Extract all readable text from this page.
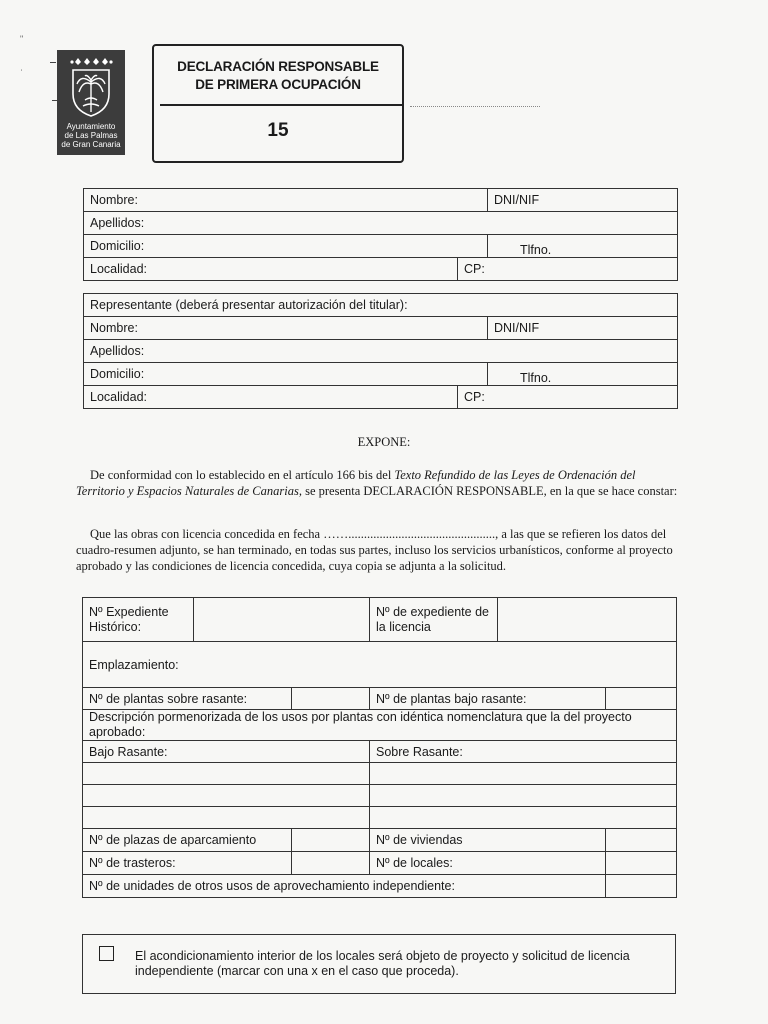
"
ʾ
Ayuntamiento
de Las Palmas
de Gran Canaria
DECLARACIÓN RESPONSABLE
DE PRIMERA OCUPACIÓN
15
Nombre:		DNI/NIF
Apellidos:		
Domicilio:		Tlfno.
Localidad:	CP:	
Representante (deberá presentar autorización del titular):		
Nombre:		DNI/NIF
Apellidos:		
Domicilio:		Tlfno.
Localidad:	CP:	
EXPONE:
De conformidad con lo establecido en el artículo 166 bis del Texto Refundido de las Leyes de Ordenación del Territorio y Espacios Naturales de Canarias, se presenta DECLARACIÓN RESPONSABLE, en la que se hace constar:
Que las obras con licencia concedida en fecha ……..............................................., a las que se refieren los datos del cuadro-resumen adjunto, se han terminado, en todas sus partes, incluso los servicios urbanísticos, conforme al proyecto aprobado y las condiciones de licencia concedida, cuya copia se adjunta a la solicitud.
Nº Expediente Histórico:			Nº de expediente de la licencia		
Emplazamiento:					
Nº de plantas sobre rasante:			Nº de plantas bajo rasante:		
Descripción pormenorizada de los usos por plantas con idéntica nomenclatura que la del proyecto aprobado:					
Bajo Rasante:			Sobre Rasante:		

Nº de plazas de aparcamiento			Nº de viviendas		
Nº de trasteros:			Nº de locales:		
Nº de unidades de otros usos de aprovechamiento independiente:					
El acondicionamiento interior de los locales será objeto de proyecto y solicitud de licencia independiente (marcar con una x en el caso que proceda).
